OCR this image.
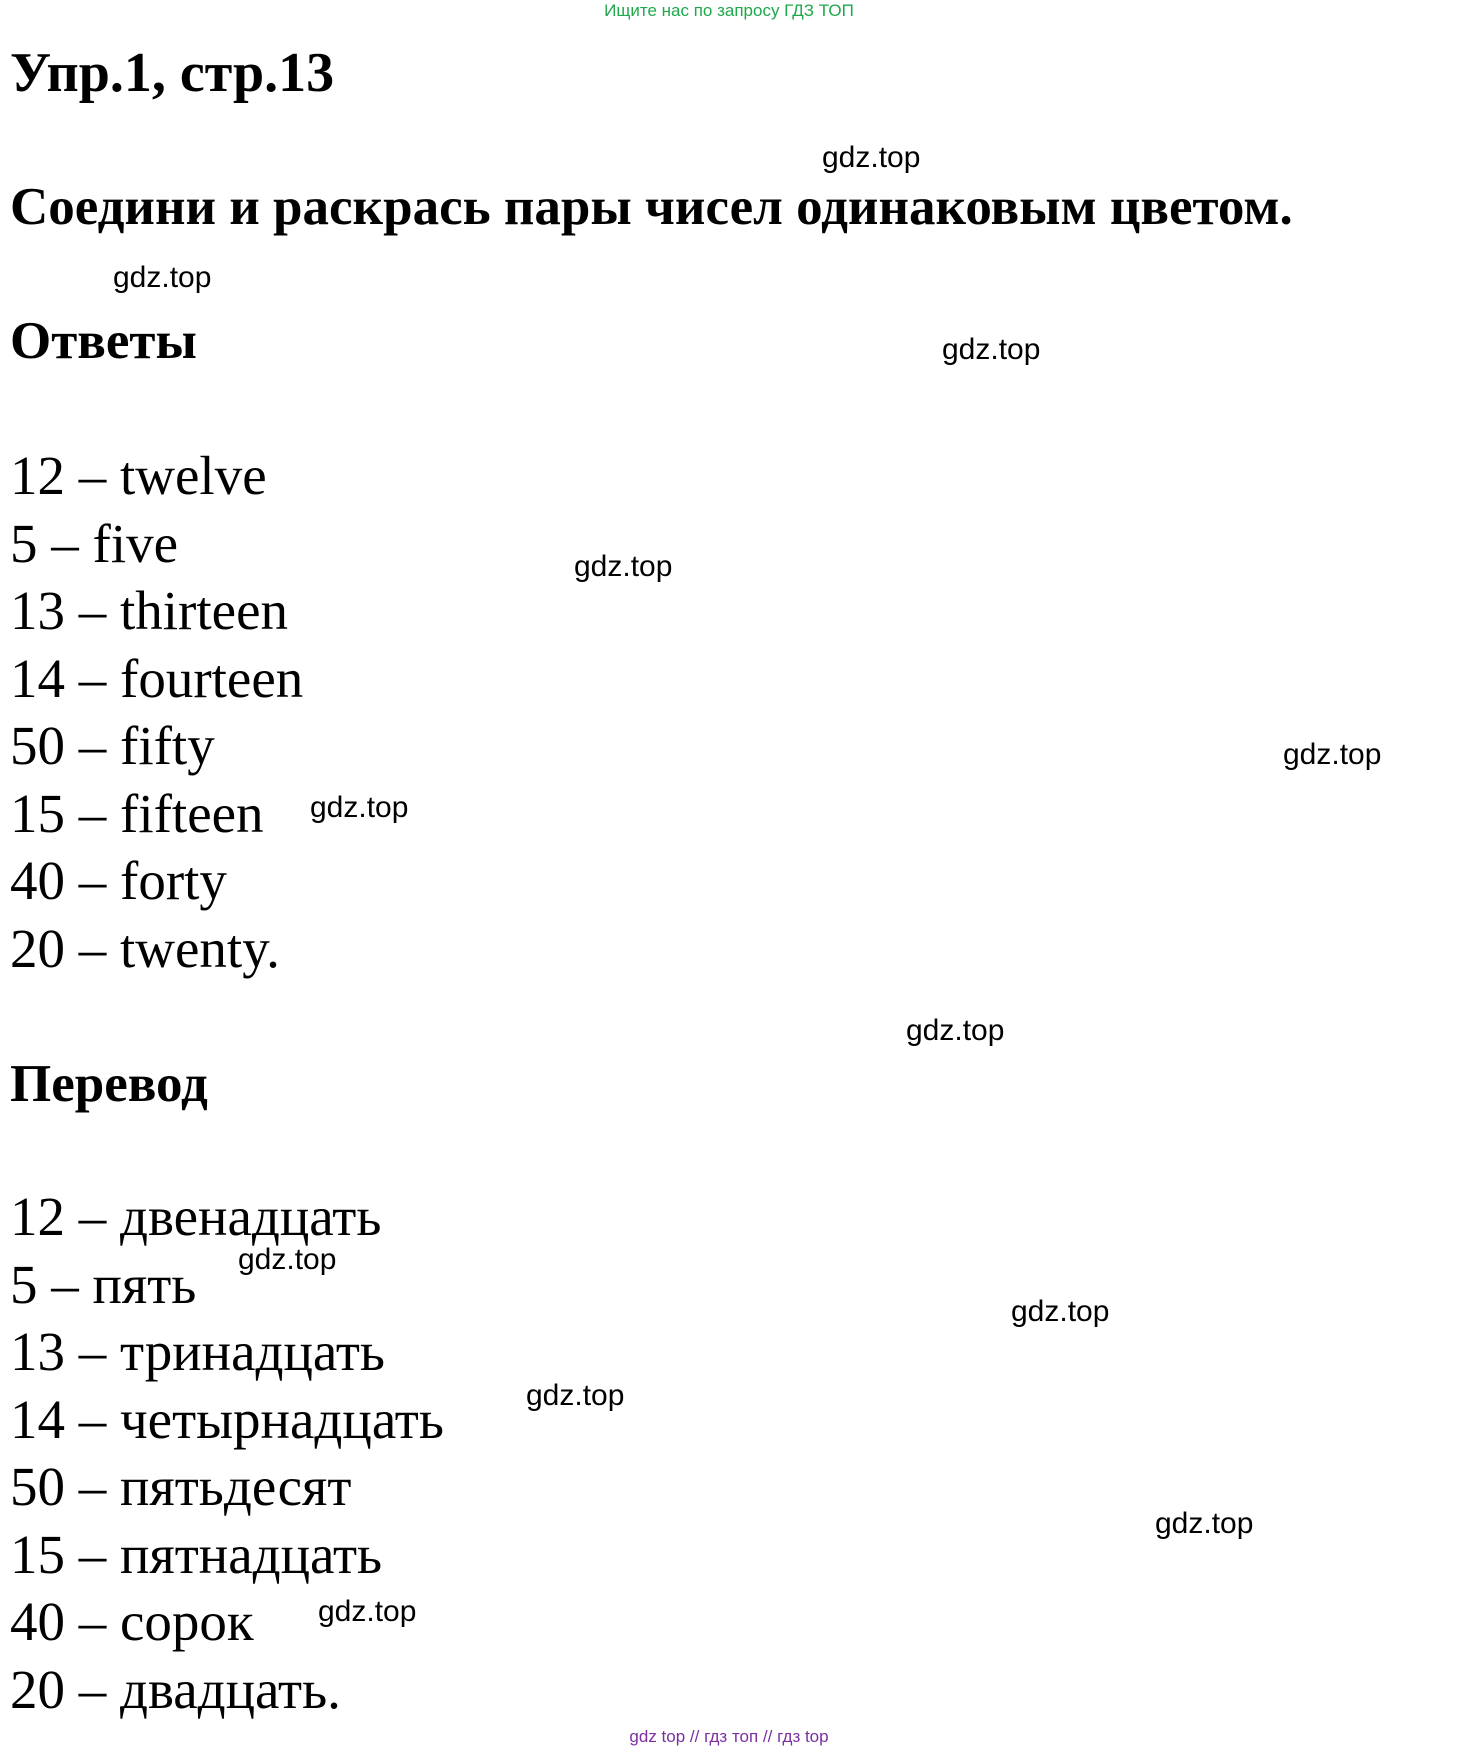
Ищите нас по запросу ГДЗ ТОП
Упр.1, стр.13
Соедини и раскрась пары чисел одинаковым цветом.
Ответы
12 – twelve
5 – five
13 – thirteen
14 – fourteen
50 – fifty
15 – fifteen
40 – forty
20 – twenty.
Перевод
12 – двенадцать
5 – пять
13 – тринадцать
14 – четырнадцать
50 – пятьдесят
15 – пятнадцать
40 – сорок
20 – двадцать.
gdz.top
gdz.top
gdz.top
gdz.top
gdz.top
gdz.top
gdz.top
gdz.top
gdz.top
gdz.top
gdz.top
gdz.top
gdz top // гдз топ // гдз top
